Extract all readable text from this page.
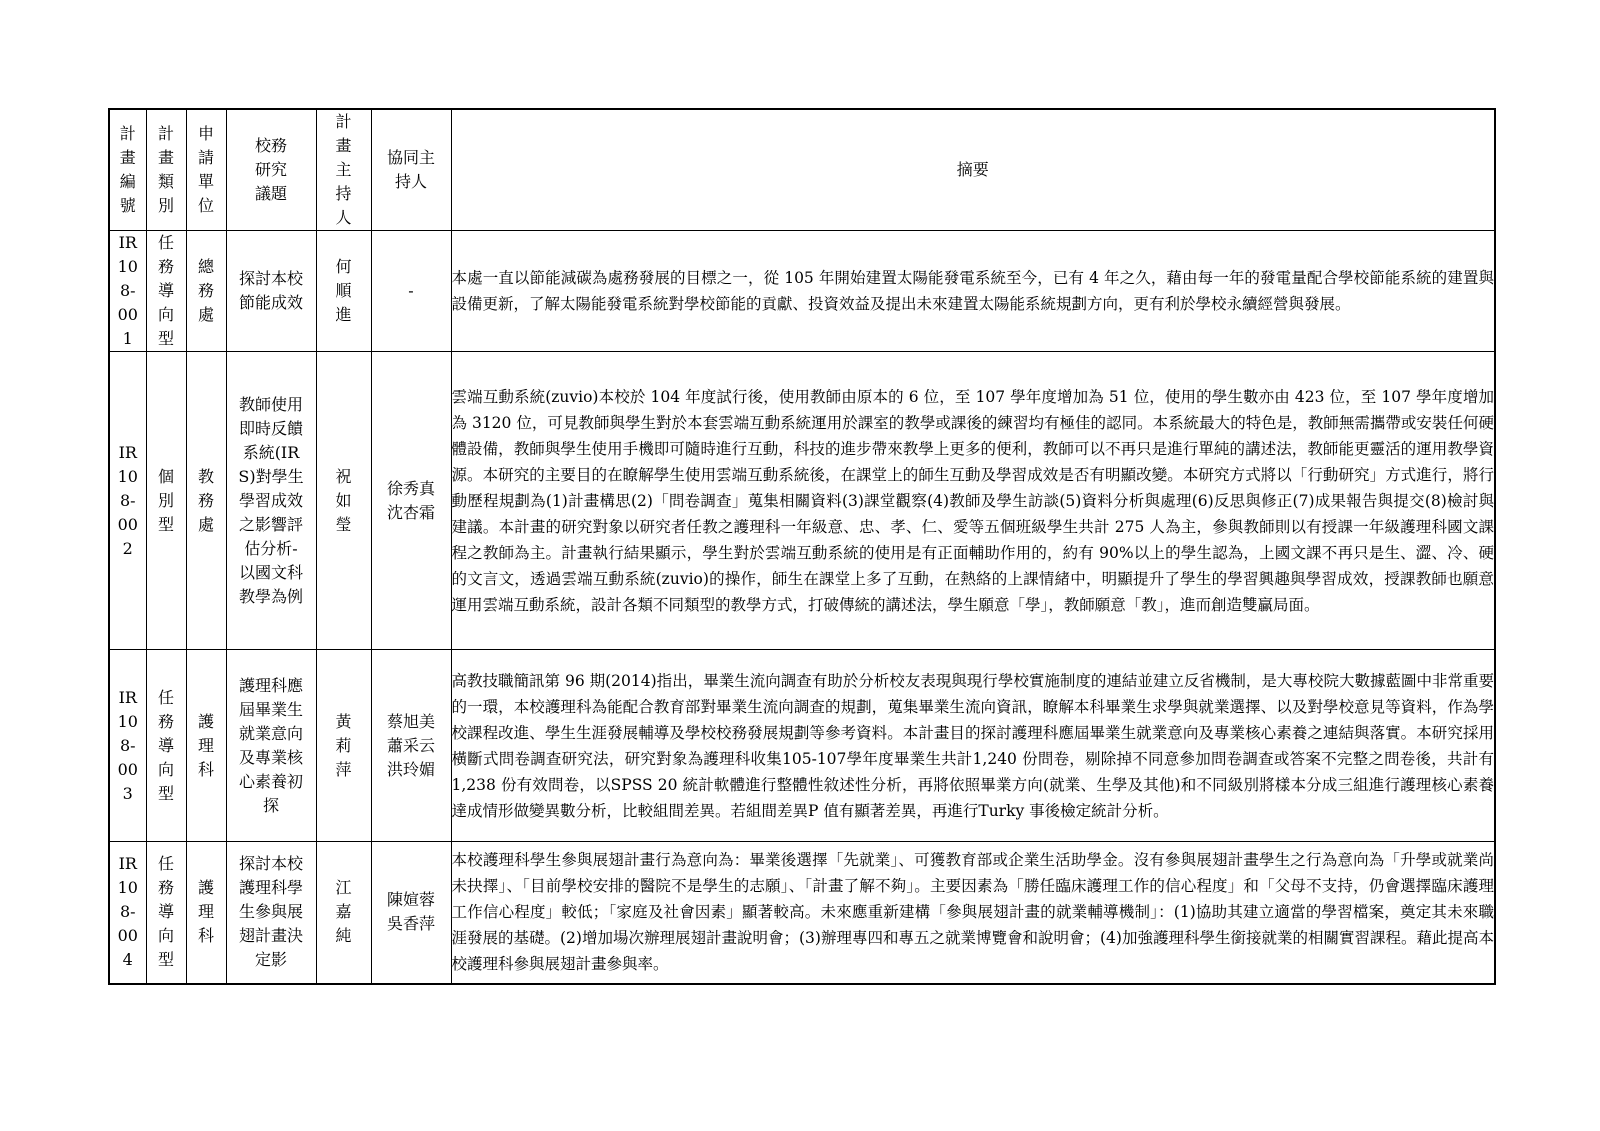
計畫編號	計畫類別	申請單位	校務研究議題	計畫主持人	協同主持人	摘要
IR108-001	任務導向型	總務處	探討本校節能成效	何順進	-	本處一直以節能減碳為處務發展的目標之一，從 105 年開始建置太陽能發電系統至今，已有 4 年之久，藉由每一年的發電量配合學校節能系統的建置與設備更新，了解太陽能發電系統對學校節能的貢獻、投資效益及提出未來建置太陽能系統規劃方向，更有利於學校永續經營與發展。
IR108-002	個別型	教務處	教師使用即時反饋系統(IRS)對學生學習成效之影響評估分析-以國文科教學為例	祝如瑩	徐秀真沈杏霜	雲端互動系統(zuvio)本校於 104 年度試行後，使用教師由原本的 6 位，至 107 學年度增加為 51 位，使用的學生數亦由 423 位，至 107 學年度增加為 3120 位，可見教師與學生對於本套雲端互動系統運用於課室的教學或課後的練習均有極佳的認同。本系統最大的特色是，教師無需攜帶或安裝任何硬體設備，教師與學生使用手機即可隨時進行互動，科技的進步帶來教學上更多的便利，教師可以不再只是進行單純的講述法，教師能更靈活的運用教學資源。本研究的主要目的在瞭解學生使用雲端互動系統後，在課堂上的師生互動及學習成效是否有明顯改變。本研究方式將以「行動研究」方式進行，將行動歷程規劃為(1)計畫構思(2)「問卷調查」蒐集相關資料(3)課堂觀察(4)教師及學生訪談(5)資料分析與處理(6)反思與修正(7)成果報告與提交(8)檢討與建議。本計畫的研究對象以研究者任教之護理科一年級意、忠、孝、仁、愛等五個班級學生共計 275 人為主，參與教師則以有授課一年級護理科國文課程之教師為主。計畫執行結果顯示，學生對於雲端互動系統的使用是有正面輔助作用的，約有 90%以上的學生認為，上國文課不再只是生、澀、冷、硬的文言文，透過雲端互動系統(zuvio)的操作，師生在課堂上多了互動，在熱絡的上課情緒中，明顯提升了學生的學習興趣與學習成效，授課教師也願意運用雲端互動系統，設計各類不同類型的教學方式，打破傳統的講述法，學生願意「學」，教師願意「教」，進而創造雙贏局面。
IR108-003	任務導向型	護理科	護理科應屆畢業生就業意向及專業核心素養初探	黃莉萍	蔡旭美蕭采云洪玲媚	高教技職簡訊第 96 期(2014)指出，畢業生流向調查有助於分析校友表現與現行學校實施制度的連結並建立反省機制，是大專校院大數據藍圖中非常重要的一環，本校護理科為能配合教育部對畢業生流向調查的規劃，蒐集畢業生流向資訊，瞭解本科畢業生求學與就業選擇、以及對學校意見等資料，作為學校課程改進、學生生涯發展輔導及學校校務發展規劃等參考資料。本計畫目的探討護理科應屆畢業生就業意向及專業核心素養之連結與落實。本研究採用橫斷式問卷調查研究法，研究對象為護理科收集105-107學年度畢業生共計1,240 份問卷，剔除掉不同意參加問卷調查或答案不完整之問卷後，共計有1,238 份有效問卷，以SPSS 20 統計軟體進行整體性敘述性分析，再將依照畢業方向(就業、生學及其他)和不同級別將樣本分成三組進行護理核心素養達成情形做變異數分析，比較組間差異。若組間差異P 值有顯著差異，再進行Turky 事後檢定統計分析。
IR108-004	任務導向型	護理科	探討本校護理科學生參與展翅計畫決定影	江嘉純	陳媗蓉吳香萍	本校護理科學生參與展翅計畫行為意向為：畢業後選擇「先就業」、可獲教育部或企業生活助學金。沒有參與展翅計畫學生之行為意向為「升學或就業尚未抉擇」、「目前學校安排的醫院不是學生的志願」、「計畫了解不夠」。主要因素為「勝任臨床護理工作的信心程度」和「父母不支持，仍會選擇臨床護理工作信心程度」較低；「家庭及社會因素」顯著較高。未來應重新建構「參與展翅計畫的就業輔導機制」：(1)協助其建立適當的學習檔案，奠定其未來職涯發展的基礎。(2)增加場次辦理展翅計畫說明會；(3)辦理專四和專五之就業博覽會和說明會；(4)加強護理科學生銜接就業的相關實習課程。藉此提高本校護理科參與展翅計畫參與率。
